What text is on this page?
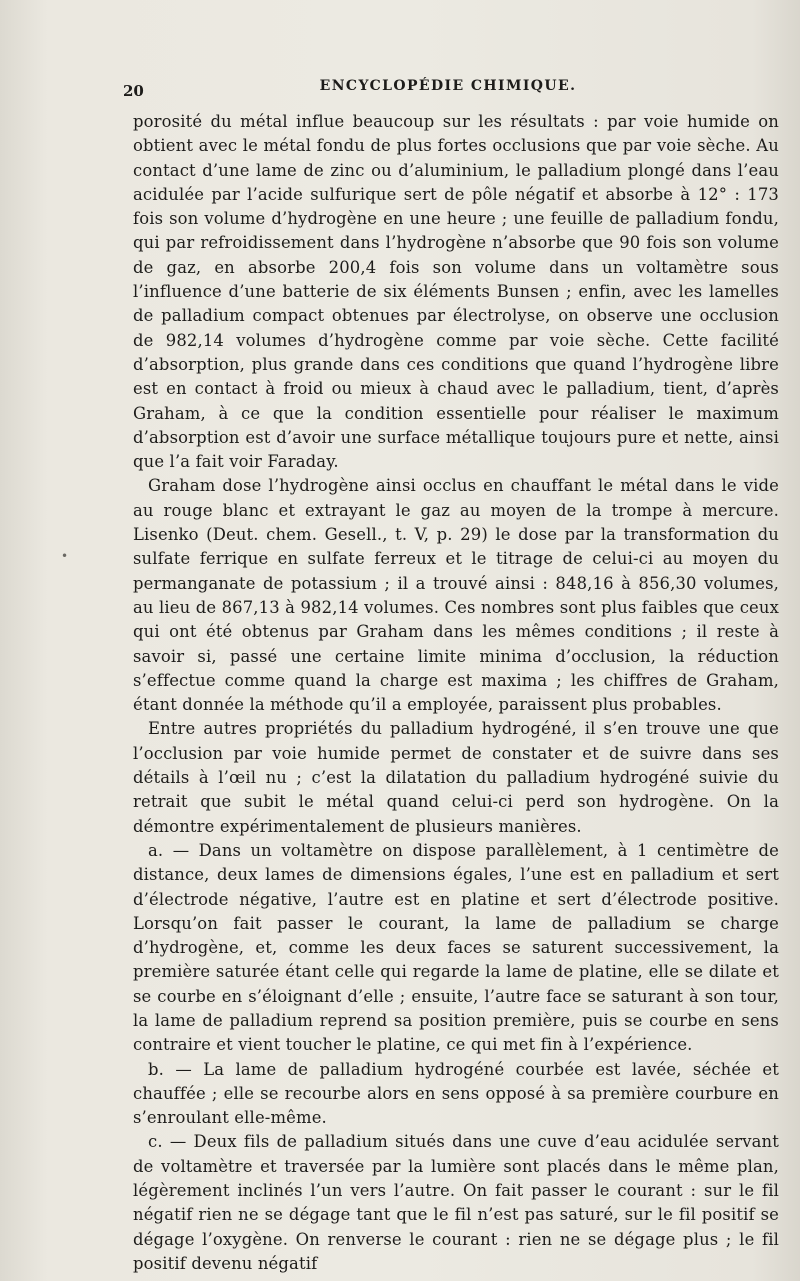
20	ENCYCLOPÉDIE CHIMIQUE.
•

porosité du métal influe beaucoup sur les résultats : par voie humide on obtient avec le métal fondu de plus fortes occlusions que par voie sèche. Au contact d’une lame de zinc ou d’aluminium, le palladium plongé dans l’eau acidulée par l’acide sulfurique sert de pôle négatif et absorbe à 12° : 173 fois son volume d’hydrogène en une heure ; une feuille de palladium fondu, qui par refroidissement dans l’hydrogène n’absorbe que 90 fois son volume de gaz, en absorbe 200,4 fois son volume dans un voltamètre sous l’influence d’une batterie de six éléments Bunsen ; enfin, avec les lamelles de palladium compact obtenues par électrolyse, on observe une occlusion de 982,14 volumes d’hydrogène comme par voie sèche. Cette facilité d’absorption, plus grande dans ces conditions que quand l’hydrogène libre est en contact à froid ou mieux à chaud avec le palladium, tient, d’après Graham, à ce que la condition essentielle pour réaliser le maximum d’absorption est d’avoir une surface métallique toujours pure et nette, ainsi que l’a fait voir Faraday.

Graham dose l’hydrogène ainsi occlus en chauffant le métal dans le vide au rouge blanc et extrayant le gaz au moyen de la trompe à mercure. Lisenko (Deut. chem. Gesell., t. V, p. 29) le dose par la transformation du sulfate ferrique en sulfate ferreux et le titrage de celui-ci au moyen du permanganate de potassium ; il a trouvé ainsi : 848,16 à 856,30 volumes, au lieu de 867,13 à 982,14 volumes. Ces nombres sont plus faibles que ceux qui ont été obtenus par Graham dans les mêmes conditions ; il reste à savoir si, passé une certaine limite minima d’occlusion, la réduction s’effectue comme quand la charge est maxima ; les chiffres de Graham, étant donnée la méthode qu’il a employée, paraissent plus probables.

Entre autres propriétés du palladium hydrogéné, il s’en trouve une que l’occlusion par voie humide permet de constater et de suivre dans ses détails à l’œil nu ; c’est la dilatation du palladium hydrogéné suivie du retrait que subit le métal quand celui-ci perd son hydrogène. On la démontre expérimentalement de plusieurs manières.

a. — Dans un voltamètre on dispose parallèlement, à 1 centimètre de distance, deux lames de dimensions égales, l’une est en palladium et sert d’électrode négative, l’autre est en platine et sert d’électrode positive. Lorsqu’on fait passer le courant, la lame de palladium se charge d’hydrogène, et, comme les deux faces se saturent successivement, la première saturée étant celle qui regarde la lame de platine, elle se dilate et se courbe en s’éloignant d’elle ; ensuite, l’autre face se saturant à son tour, la lame de palladium reprend sa position première, puis se courbe en sens contraire et vient toucher le platine, ce qui met fin à l’expérience.

b. — La lame de palladium hydrogéné courbée est lavée, séchée et chauffée ; elle se recourbe alors en sens opposé à sa première courbure en s’enroulant elle-même.

c. — Deux fils de palladium situés dans une cuve d’eau acidulée servant de voltamètre et traversée par la lumière sont placés dans le même plan, légèrement inclinés l’un vers l’autre. On fait passer le courant : sur le fil négatif rien ne se dégage tant que le fil n’est pas saturé, sur le fil positif se dégage l’oxygène. On renverse le courant : rien ne se dégage plus ; le fil positif devenu négatif
